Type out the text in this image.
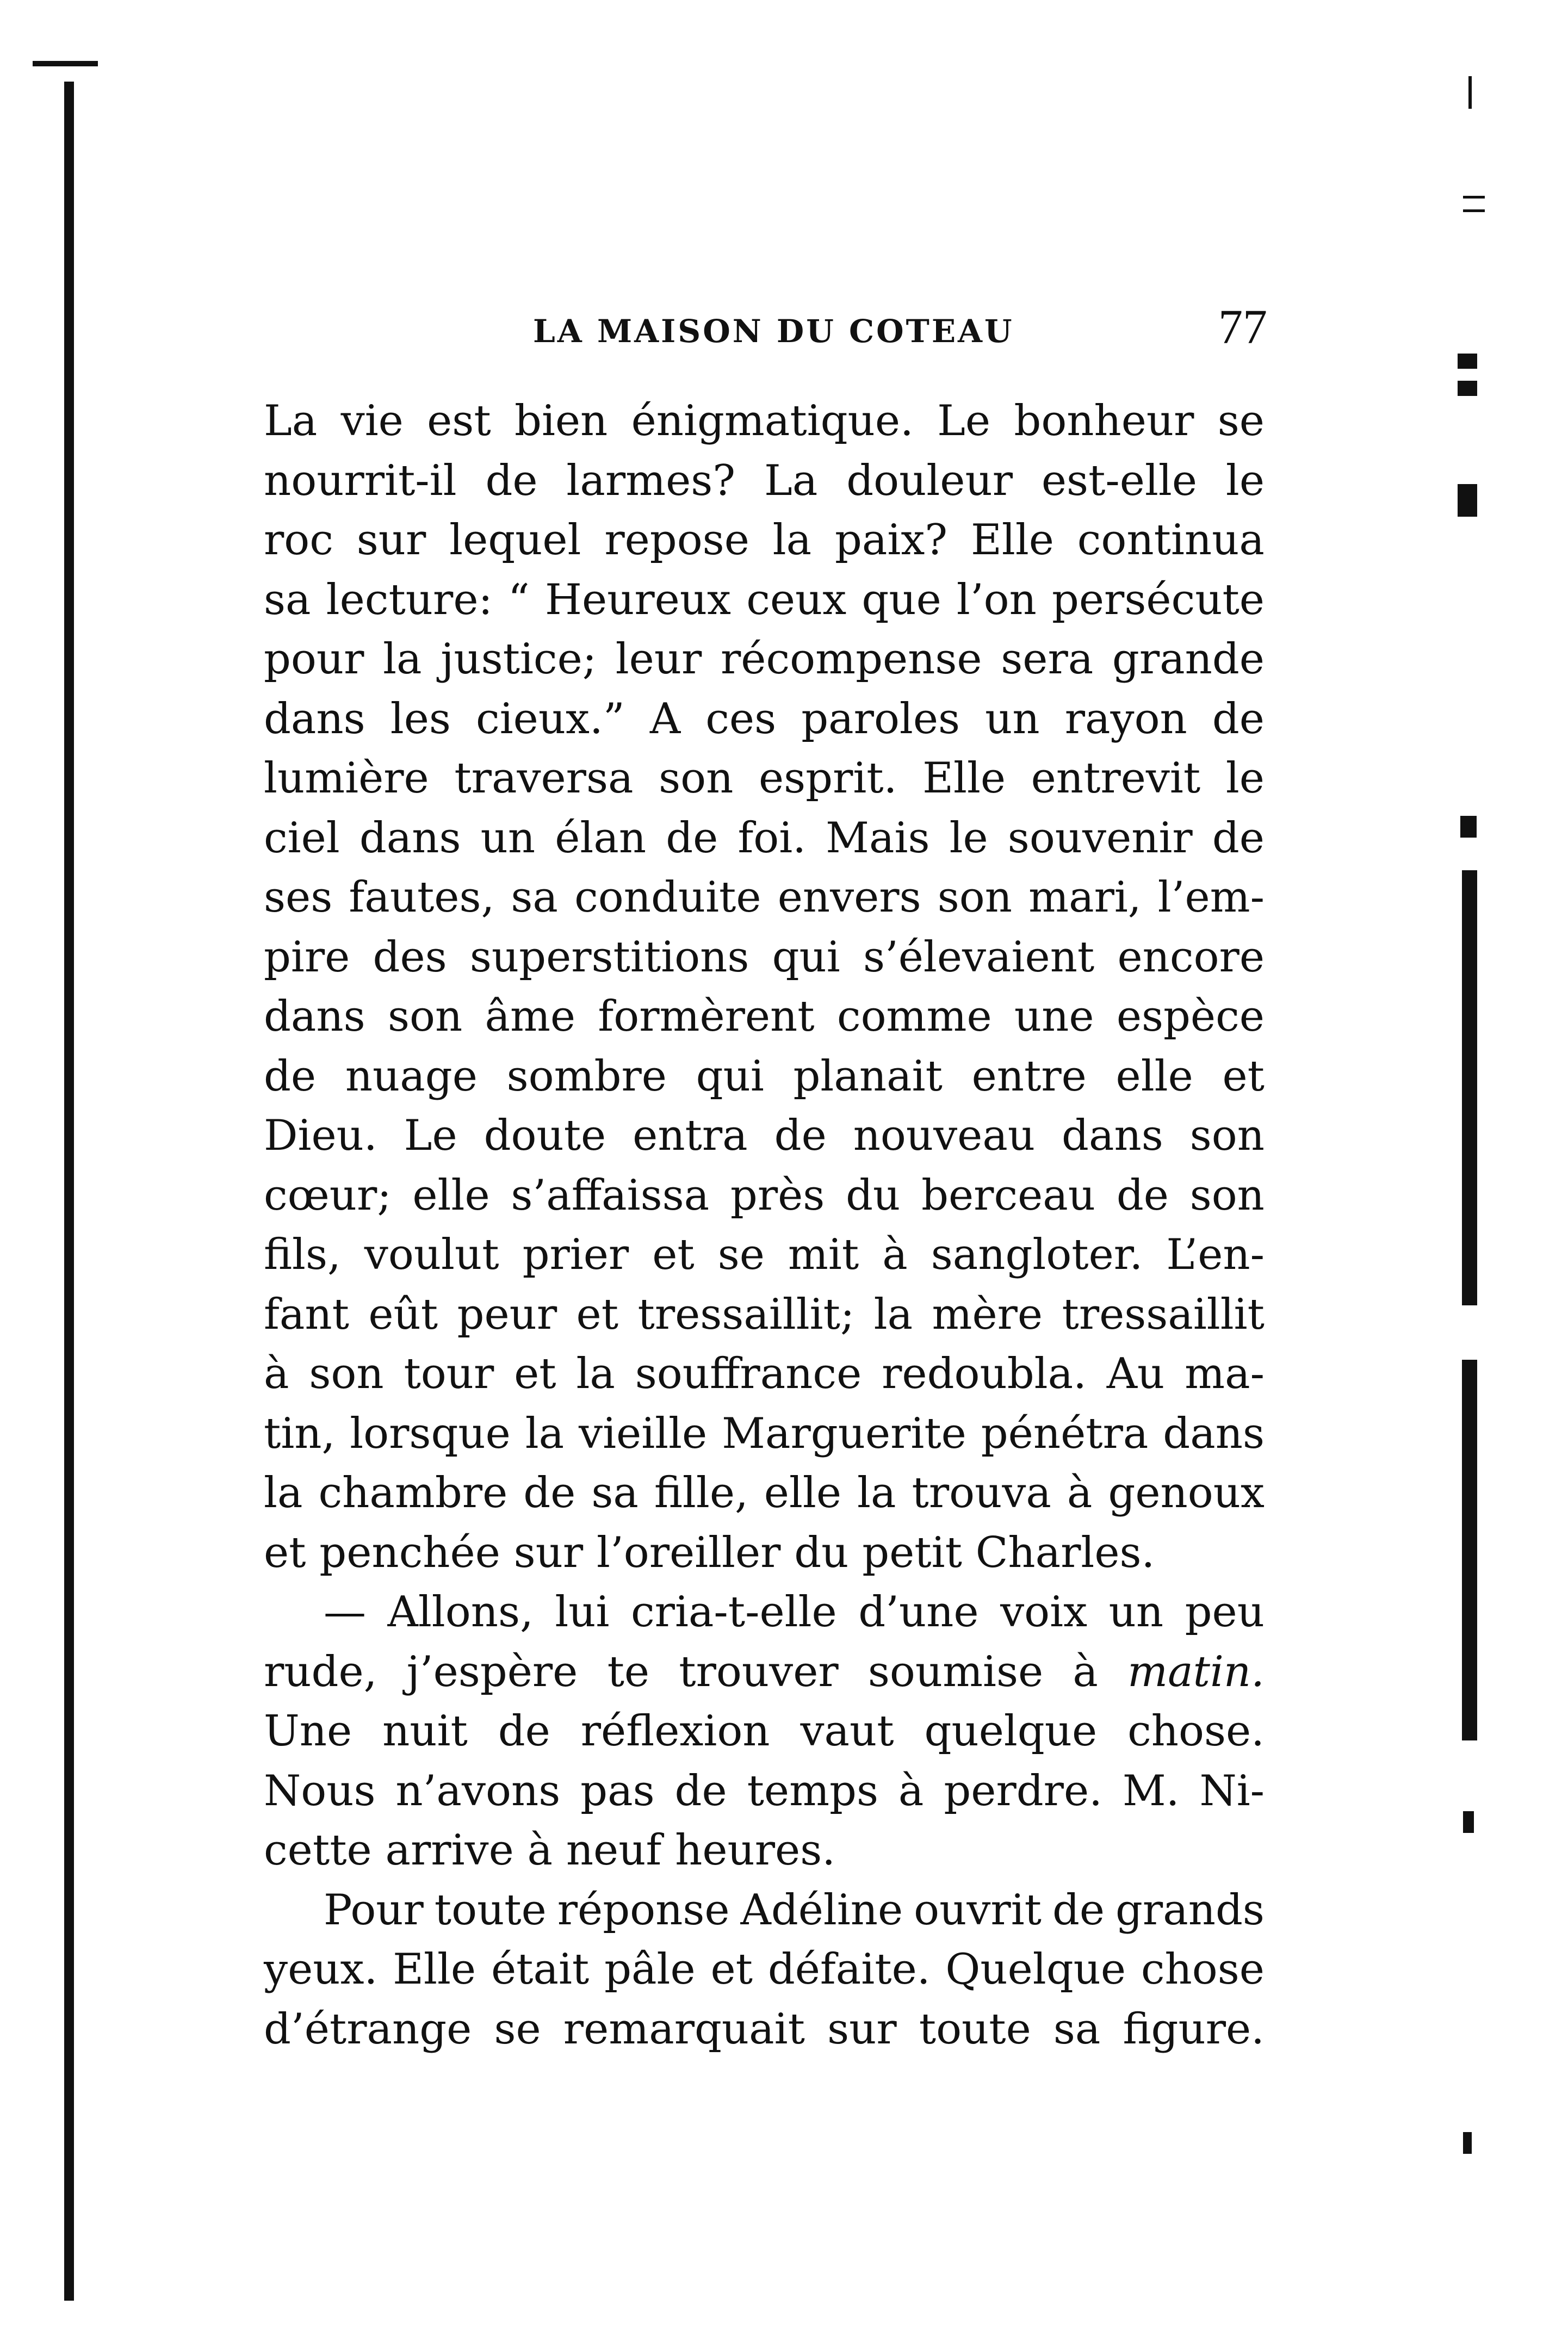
LA MAISON DU COTEAU	77
La vie est bien énigmatique. Le bonheur se
nourrit-il de larmes? La douleur est-elle le
roc sur lequel repose la paix? Elle continua
sa lecture: “ Heureux ceux que l’on persécute
pour la justice; leur récompense sera grande
dans les cieux.” A ces paroles un rayon de
lumière traversa son esprit. Elle entrevit le
ciel dans un élan de foi. Mais le souvenir de
ses fautes, sa conduite envers son mari, l’em-
pire des superstitions qui s’élevaient encore
dans son âme formèrent comme une espèce
de nuage sombre qui planait entre elle et
Dieu. Le doute entra de nouveau dans son
cœur; elle s’affaissa près du berceau de son
fils, voulut prier et se mit à sangloter. L’en-
fant eût peur et tressaillit; la mère tressaillit
à son tour et la souffrance redoubla. Au ma-
tin, lorsque la vieille Marguerite pénétra dans
la chambre de sa fille, elle la trouva à genoux
et penchée sur l’oreiller du petit Charles.
— Allons, lui cria-t-elle d’une voix un peu
rude, j’espère te trouver soumise à matin.
Une nuit de réflexion vaut quelque chose.
Nous n’avons pas de temps à perdre. M. Ni-
cette arrive à neuf heures.
Pour toute réponse Adéline ouvrit de grands
yeux. Elle était pâle et défaite. Quelque chose
d’étrange se remarquait sur toute sa figure.
